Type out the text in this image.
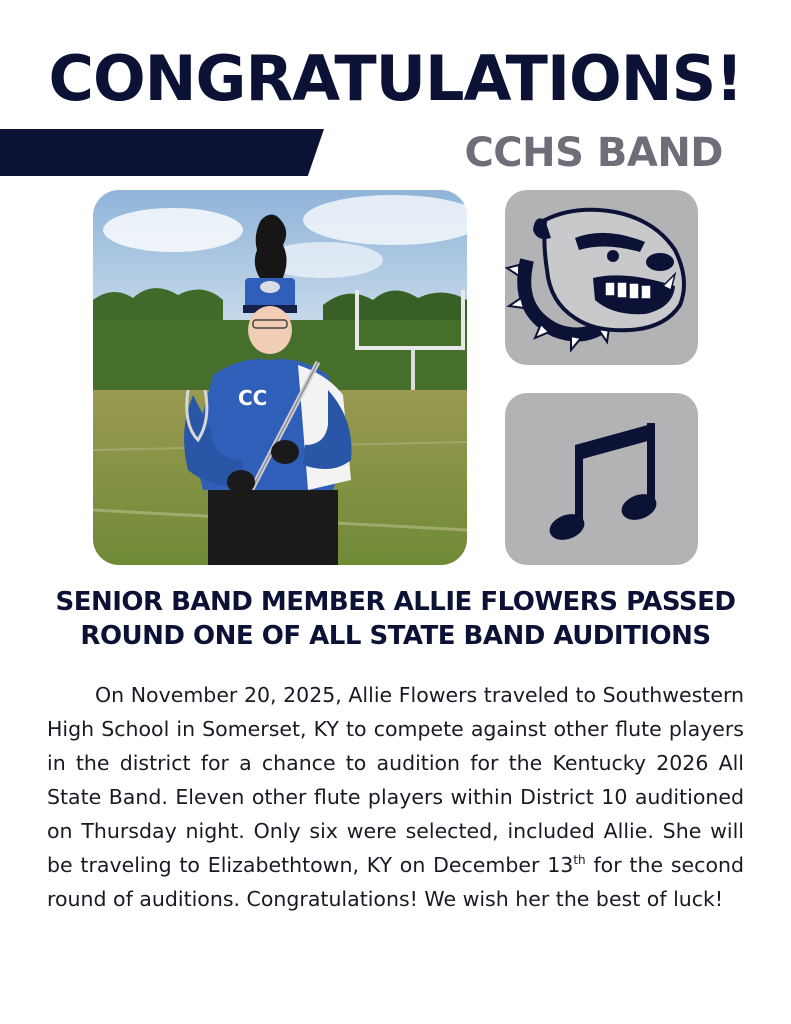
CONGRATULATIONS!
CCHS BAND
CC
SENIOR BAND MEMBER ALLIE FLOWERS PASSED
ROUND ONE OF ALL STATE BAND AUDITIONS
On November 20, 2025, Allie Flowers traveled to Southwestern High School in Somerset, KY to compete against other flute players in the district for a chance to audition for the Kentucky 2026 All State Band. Eleven other flute players within District 10 auditioned on Thursday night. Only six were selected, included Allie. She will be traveling to Elizabethtown, KY on December 13th for the second round of auditions. Congratulations! We wish her the best of luck!
